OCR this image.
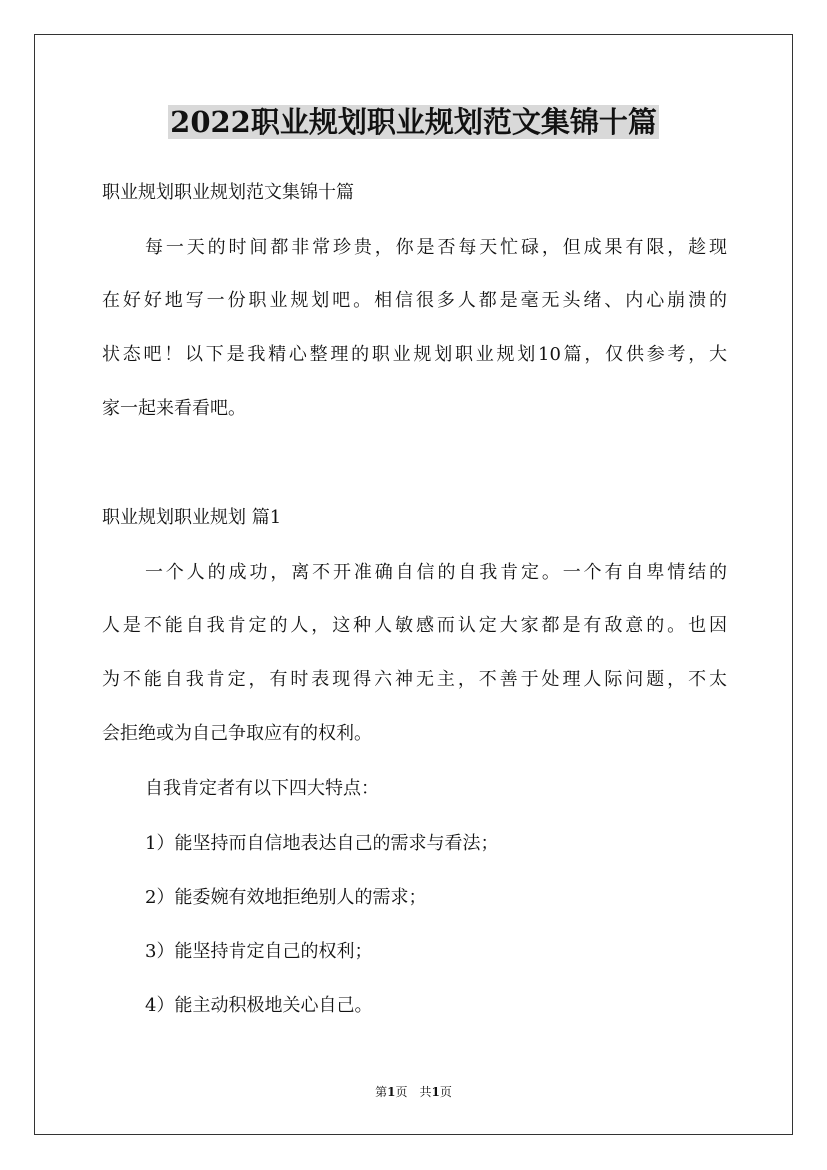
2022职业规划职业规划范文集锦十篇

职业规划职业规划范文集锦十篇

每一天的时间都非常珍贵，你是否每天忙碌，但成果有限，趁现

在好好地写一份职业规划吧。相信很多人都是毫无头绪、内心崩溃的

状态吧！以下是我精心整理的职业规划职业规划10篇，仅供参考，大

家一起来看看吧。

职业规划职业规划 篇1

一个人的成功，离不开准确自信的自我肯定。一个有自卑情结的

人是不能自我肯定的人，这种人敏感而认定大家都是有敌意的。也因

为不能自我肯定，有时表现得六神无主，不善于处理人际问题，不太

会拒绝或为自己争取应有的权利。

自我肯定者有以下四大特点：

1）能坚持而自信地表达自己的需求与看法；

2）能委婉有效地拒绝别人的需求；

3）能坚持肯定自己的权利；

4）能主动积极地关心自己。

第1页　共1页
